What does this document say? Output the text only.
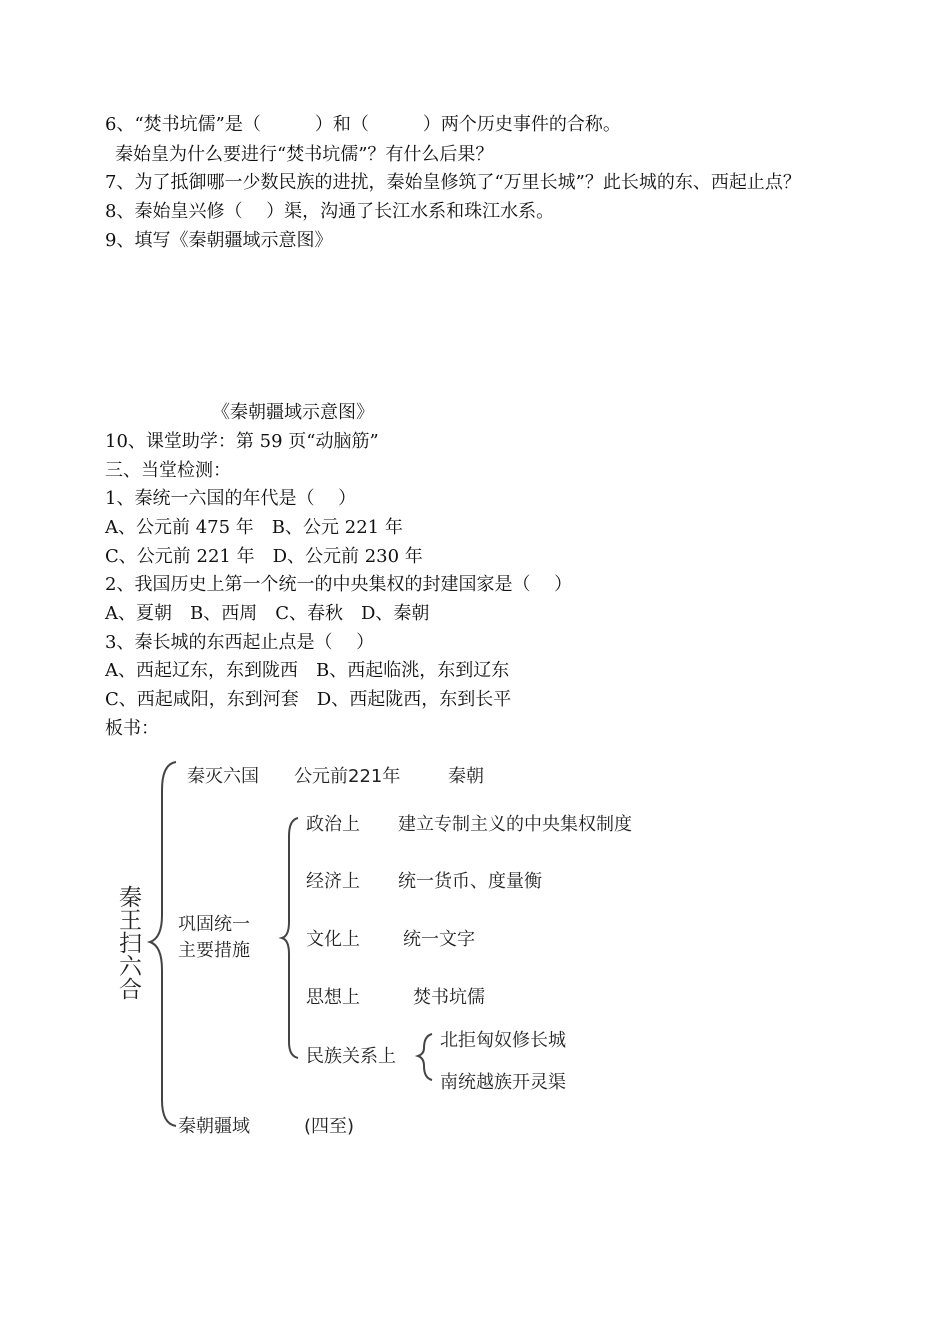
6、“焚书坑儒”是（　　　）和（　　　）两个历史事件的合称。
秦始皇为什么要进行“焚书坑儒”？有什么后果？
7、为了抵御哪一少数民族的进扰，秦始皇修筑了“万里长城”？此长城的东、西起止点？
8、秦始皇兴修（　 ）渠，沟通了长江水系和珠江水系。
9、填写《秦朝疆域示意图》
《秦朝疆域示意图》
10、课堂助学：第 59 页“动脑筋”
三、当堂检测：
1、秦统一六国的年代是（　 ）
A、公元前 475 年　B、公元 221 年
C、公元前 221 年　D、公元前 230 年
2、我国历史上第一个统一的中央集权的封建国家是（　 ）
A、夏朝　B、西周　C、春秋　D、秦朝
3、秦长城的东西起止点是（　 ）
A、西起辽东，东到陇西　B、西起临洮，东到辽东
C、西起咸阳，东到河套　D、西起陇西，东到长平
板书：
秦王扫六合
秦灭六国 公元前221年	秦朝
巩固统一
主要措施
政治上 建立专制主义的中央集权制度
经济上 统一货币、度量衡
文化上 统一文字
思想上	焚书坑儒
民族关系上
北拒匈奴修长城
南统越族开灵渠
秦朝疆域	(四至)
